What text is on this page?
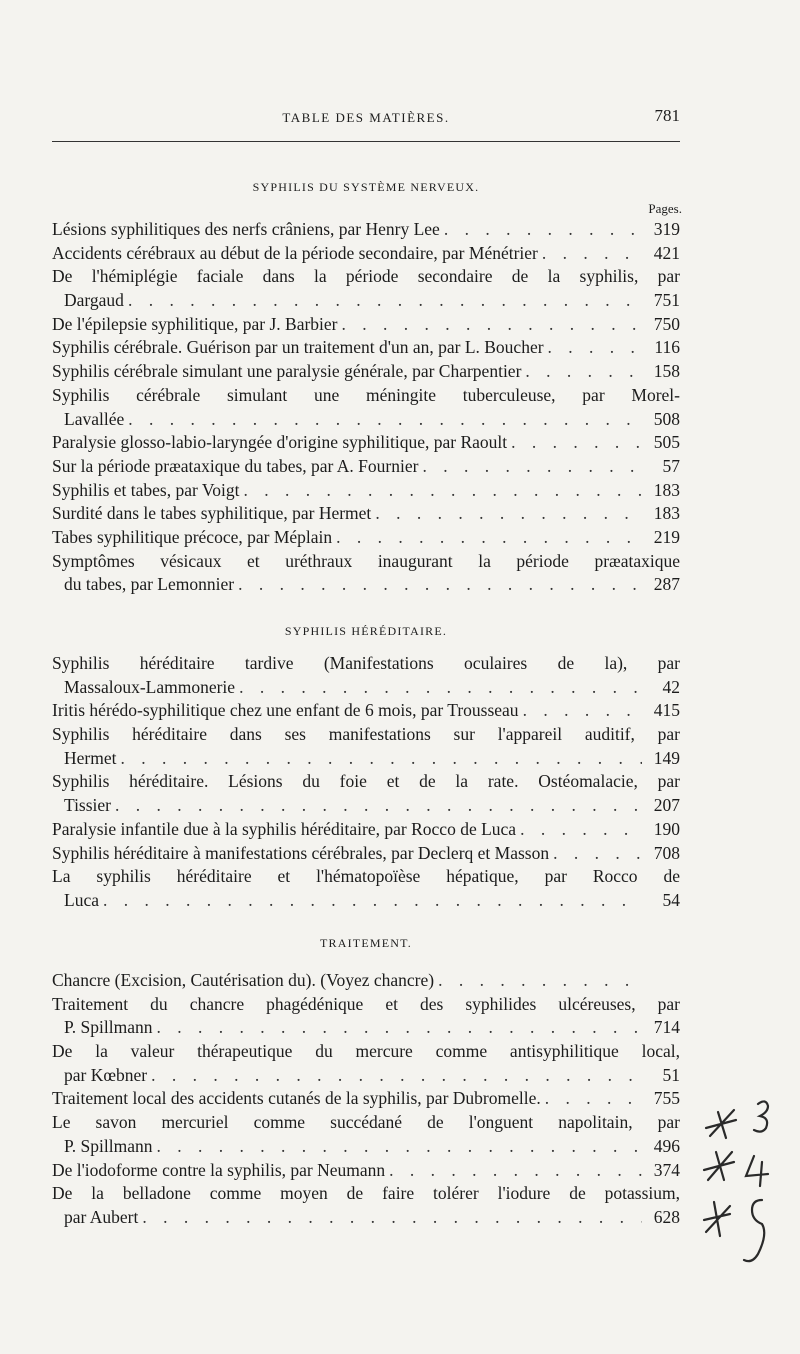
TABLE DES MATIÈRES.	781
SYPHILIS DU SYSTÈME NERVEUX.
Pages.
Lésions syphilitiques des nerfs crâniens, par Henry Lee . . .	319
Accidents cérébraux au début de la période secondaire, par Ménétrier . . .	421
De l'hémiplégie faciale dans la période secondaire de la syphilis, par
Dargaud . . .	751
De l'épilepsie syphilitique, par J. Barbier . . .	750
Syphilis cérébrale. Guérison par un traitement d'un an, par L. Boucher . . .	116
Syphilis cérébrale simulant une paralysie générale, par Charpentier . . .	158
Syphilis cérébrale simulant une méningite tuberculeuse, par Morel-
Lavallée . . .	508
Paralysie glosso-labio-laryngée d'origine syphilitique, par Raoult . . .	505
Sur la période præataxique du tabes, par A. Fournier . . .	57
Syphilis et tabes, par Voigt . . .	183
Surdité dans le tabes syphilitique, par Hermet . . .	183
Tabes syphilitique précoce, par Méplain . . .	219
Symptômes vésicaux et uréthraux inaugurant la période præataxique
du tabes, par Lemonnier . . .	287
SYPHILIS HÉRÉDITAIRE.
Syphilis héréditaire tardive (Manifestations oculaires de la), par
Massaloux-Lammonerie . . .	42
Iritis hérédo-syphilitique chez une enfant de 6 mois, par Trousseau . . .	415
Syphilis héréditaire dans ses manifestations sur l'appareil auditif, par
Hermet . . .	149
Syphilis héréditaire. Lésions du foie et de la rate. Ostéomalacie, par
Tissier . . .	207
Paralysie infantile due à la syphilis héréditaire, par Rocco de Luca . . .	190
Syphilis héréditaire à manifestations cérébrales, par Declerq et Masson . . .	708
La syphilis héréditaire et l'hématopoïèse hépatique, par Rocco de
Luca . . .	54
TRAITEMENT.
Chancre (Excision, Cautérisation du). (Voyez chancre)
. . .
Traitement du chancre phagédénique et des syphilides ulcéreuses, par
P. Spillmann . . .	714
De la valeur thérapeutique du mercure comme antisyphilitique local,
par Kœbner . . .	51
Traitement local des accidents cutanés de la syphilis, par Dubromelle. . . .	755
Le savon mercuriel comme succédané de l'onguent napolitain, par
P. Spillmann . . .	496
De l'iodoforme contre la syphilis, par Neumann . . .	374
De la belladone comme moyen de faire tolérer l'iodure de potassium,
par Aubert . . .	628
